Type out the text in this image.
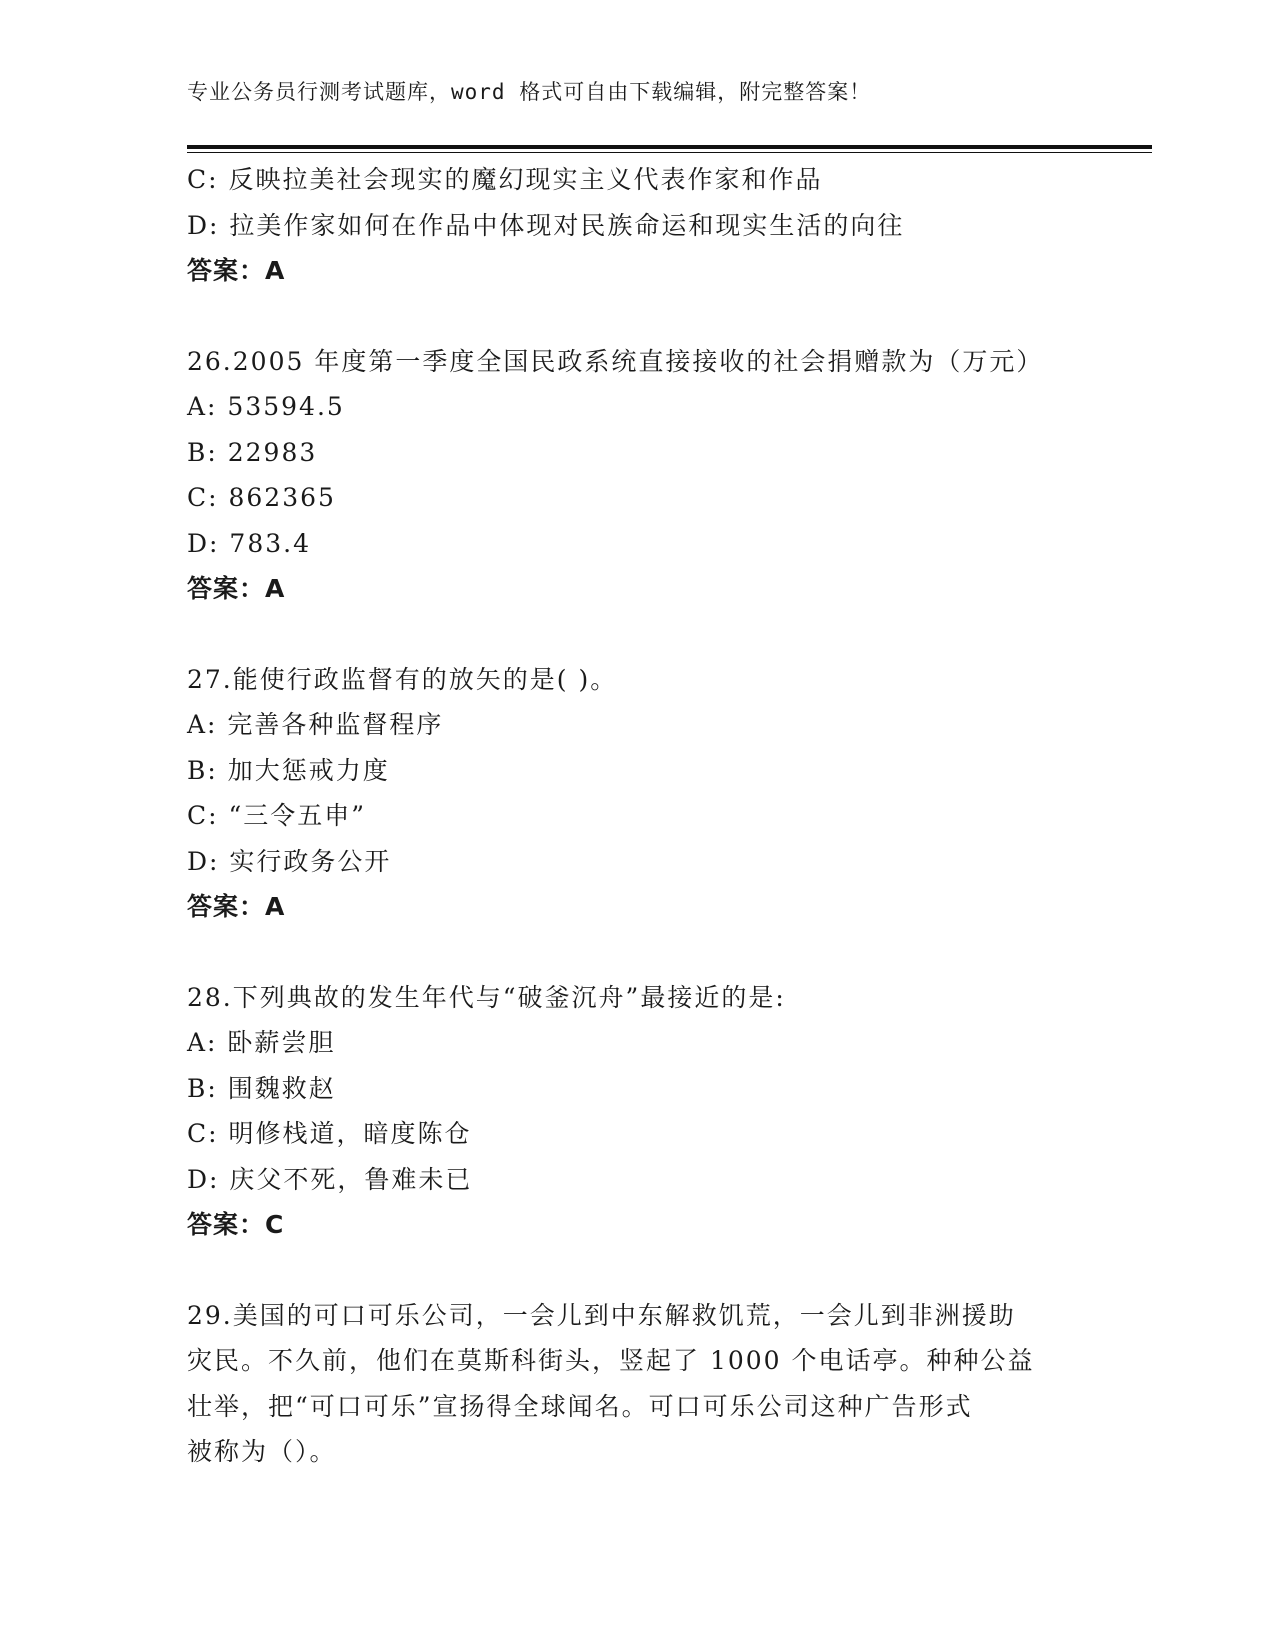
专业公务员行测考试题库，word 格式可自由下载编辑，附完整答案！
C: 反映拉美社会现实的魔幻现实主义代表作家和作品
D: 拉美作家如何在作品中体现对民族命运和现实生活的向往
答案：A
26.2005 年度第一季度全国民政系统直接接收的社会捐赠款为（万元）
A: 53594.5
B: 22983
C: 862365
D: 783.4
答案：A
27.能使行政监督有的放矢的是( )。
A: 完善各种监督程序
B: 加大惩戒力度
C: “三令五申”
D: 实行政务公开
答案：A
28.下列典故的发生年代与“破釜沉舟”最接近的是:
A: 卧薪尝胆
B: 围魏救赵
C: 明修栈道，暗度陈仓
D: 庆父不死，鲁难未已
答案：C
29.美国的可口可乐公司，一会儿到中东解救饥荒，一会儿到非洲援助
灾民。不久前，他们在莫斯科街头，竖起了 1000 个电话亭。种种公益
壮举，把“可口可乐”宣扬得全球闻名。可口可乐公司这种广告形式
被称为（）。
